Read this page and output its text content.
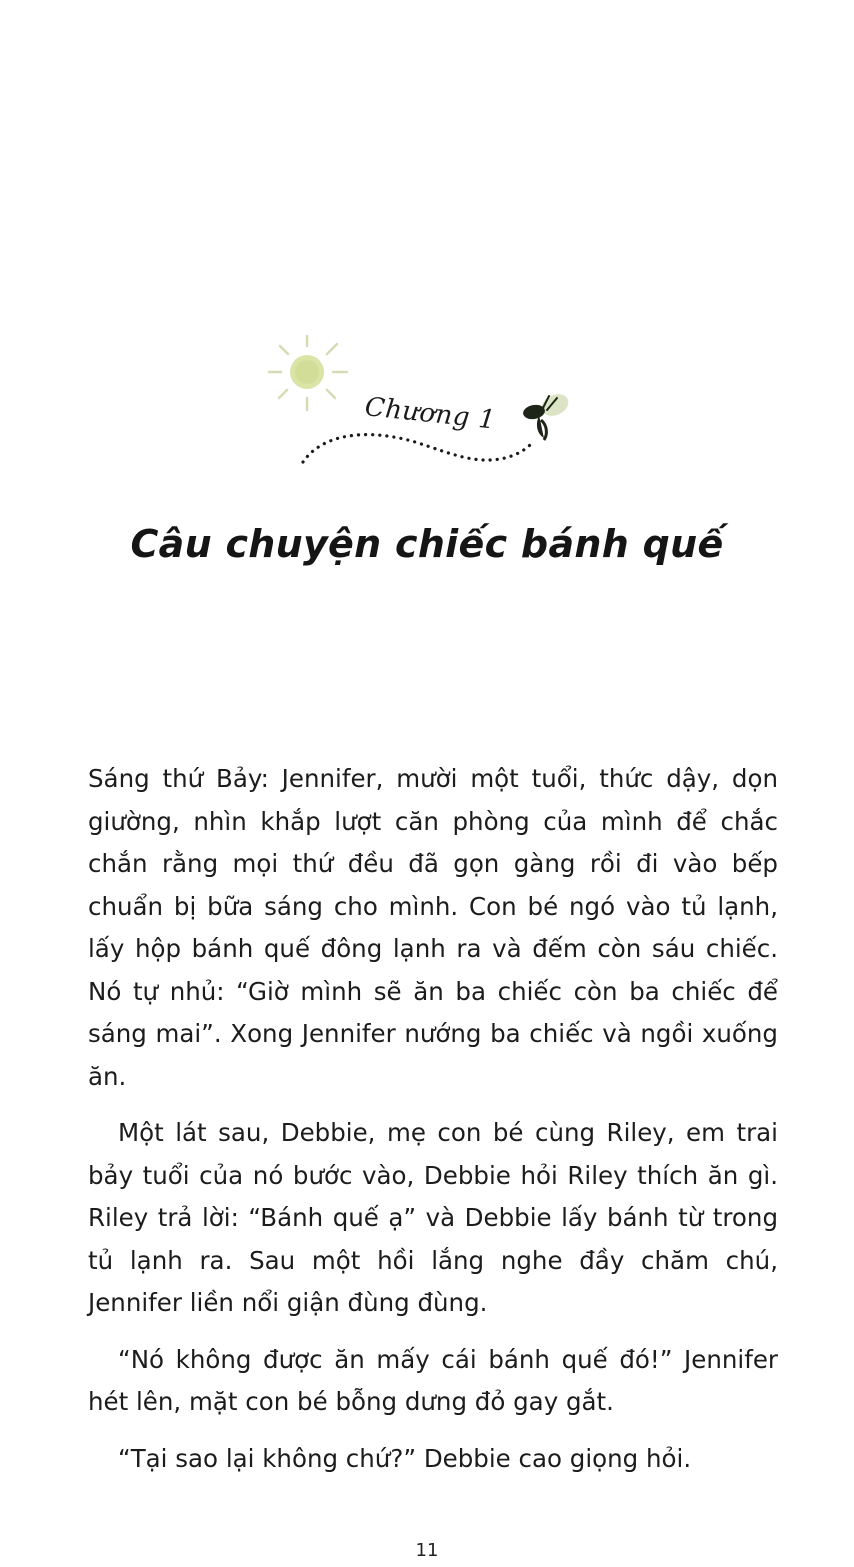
Chương 1
Câu chuyện chiếc bánh quế

Sáng thứ Bảy: Jennifer, mười một tuổi, thức dậy, dọn giường, nhìn khắp lượt căn phòng của mình để chắc chắn rằng mọi thứ đều đã gọn gàng rồi đi vào bếp chuẩn bị bữa sáng cho mình. Con bé ngó vào tủ lạnh, lấy hộp bánh quế đông lạnh ra và đếm còn sáu chiếc. Nó tự nhủ: “Giờ mình sẽ ăn ba chiếc còn ba chiếc để sáng mai”. Xong Jennifer nướng ba chiếc và ngồi xuống ăn.

Một lát sau, Debbie, mẹ con bé cùng Riley, em trai bảy tuổi của nó bước vào, Debbie hỏi Riley thích ăn gì. Riley trả lời: “Bánh quế ạ” và Debbie lấy bánh từ trong tủ lạnh ra. Sau một hồi lắng nghe đầy chăm chú, Jennifer liền nổi giận đùng đùng.

“Nó không được ăn mấy cái bánh quế đó!” Jennifer hét lên, mặt con bé bỗng dưng đỏ gay gắt.

“Tại sao lại không chứ?” Debbie cao giọng hỏi.

11
